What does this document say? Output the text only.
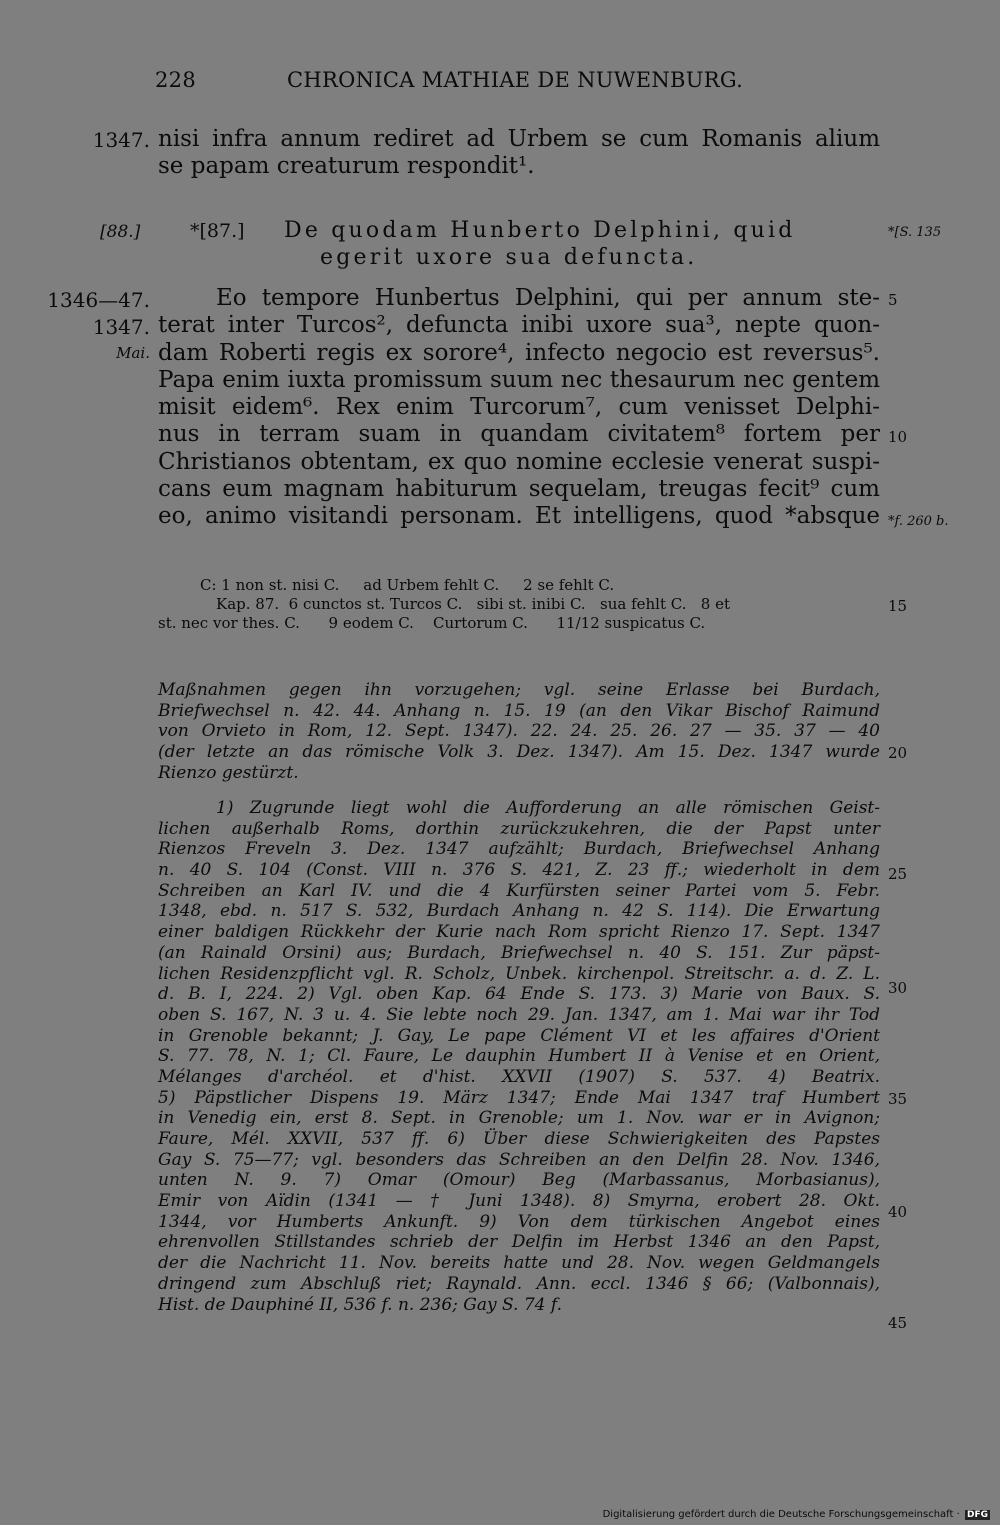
228	CHRONICA MATHIAE DE NUWENBURG.
1347. nisi infra annum rediret ad Urbem se cum Romanis alium
se papam creaturum respondit¹.
[88.]	*[87.] De quodam Hunberto Delphini, quid
egerit uxore sua defuncta.
*[S. 135
1346—47.
1347.
Mai.
5
10
*f. 260 b.
Eo tempore Hunbertus Delphini, qui per annum ste-
terat inter Turcos², defuncta inibi uxore sua³, nepte quon-
dam Roberti regis ex sorore⁴, infecto negocio est reversus⁵.
Papa enim iuxta promissum suum nec thesaurum nec gentem
misit eidem⁶. Rex enim Turcorum⁷, cum venisset Delphi-
nus in terram suam in quandam civitatem⁸ fortem per
Christianos obtentam, ex quo nomine ecclesie venerat suspi-
cans eum magnam habiturum sequelam, treugas fecit⁹ cum
eo, animo visitandi personam. Et intelligens, quod *absque
C: 1 non st. nisi C.     ad Urbem fehlt C.     2 se fehlt C.
Kap. 87.  6 cunctos st. Turcos C.   sibi st. inibi C.   sua fehlt C.   8 et
st. nec vor thes. C.      9 eodem C.    Curtorum C.      11/12 suspicatus C.
15
Maßnahmen gegen ihn vorzugehen; vgl. seine Erlasse bei Burdach,
Briefwechsel n. 42. 44. Anhang n. 15. 19 (an den Vikar Bischof Raimund
von Orvieto in Rom, 12. Sept. 1347). 22. 24. 25. 26. 27 — 35. 37 — 40
(der letzte an das römische Volk 3. Dez. 1347). Am 15. Dez. 1347 wurde
Rienzo gestürzt.
1) Zugrunde liegt wohl die Aufforderung an alle römischen Geist-
lichen außerhalb Roms, dorthin zurückzukehren, die der Papst unter
Rienzos Freveln 3. Dez. 1347 aufzählt; Burdach, Briefwechsel Anhang
n. 40 S. 104 (Const. VIII n. 376 S. 421, Z. 23 ff.; wiederholt in dem
Schreiben an Karl IV. und die 4 Kurfürsten seiner Partei vom 5. Febr.
1348, ebd. n. 517 S. 532, Burdach Anhang n. 42 S. 114). Die Erwartung
einer baldigen Rückkehr der Kurie nach Rom spricht Rienzo 17. Sept. 1347
(an Rainald Orsini) aus; Burdach, Briefwechsel n. 40 S. 151. Zur päpst-
lichen Residenzpflicht vgl. R. Scholz, Unbek. kirchenpol. Streitschr. a. d. Z. L.
d. B. I, 224. 2) Vgl. oben Kap. 64 Ende S. 173. 3) Marie von Baux. S.
oben S. 167, N. 3 u. 4. Sie lebte noch 29. Jan. 1347, am 1. Mai war ihr Tod
in Grenoble bekannt; J. Gay, Le pape Clément VI et les affaires d'Orient
S. 77. 78, N. 1; Cl. Faure, Le dauphin Humbert II à Venise et en Orient,
Mélanges d'archéol. et d'hist. XXVII (1907) S. 537. 4) Beatrix.
5) Päpstlicher Dispens 19. März 1347; Ende Mai 1347 traf Humbert
in Venedig ein, erst 8. Sept. in Grenoble; um 1. Nov. war er in Avignon;
Faure, Mél. XXVII, 537 ff. 6) Über diese Schwierigkeiten des Papstes
Gay S. 75—77; vgl. besonders das Schreiben an den Delfin 28. Nov. 1346,
unten N. 9. 7) Omar (Omour) Beg (Marbassanus, Morbasianus),
Emir von Aïdin (1341 — † Juni 1348). 8) Smyrna, erobert 28. Okt.
1344, vor Humberts Ankunft. 9) Von dem türkischen Angebot eines
ehrenvollen Stillstandes schrieb der Delfin im Herbst 1346 an den Papst,
der die Nachricht 11. Nov. bereits hatte und 28. Nov. wegen Geldmangels
dringend zum Abschluß riet; Raynald. Ann. eccl. 1346 § 66; (Valbonnais),
Hist. de Dauphiné II, 536 f. n. 236; Gay S. 74 f.
20
25
30
35
40
45
Digitalisierung gefördert durch die Deutsche Forschungsgemeinschaft · DFG
